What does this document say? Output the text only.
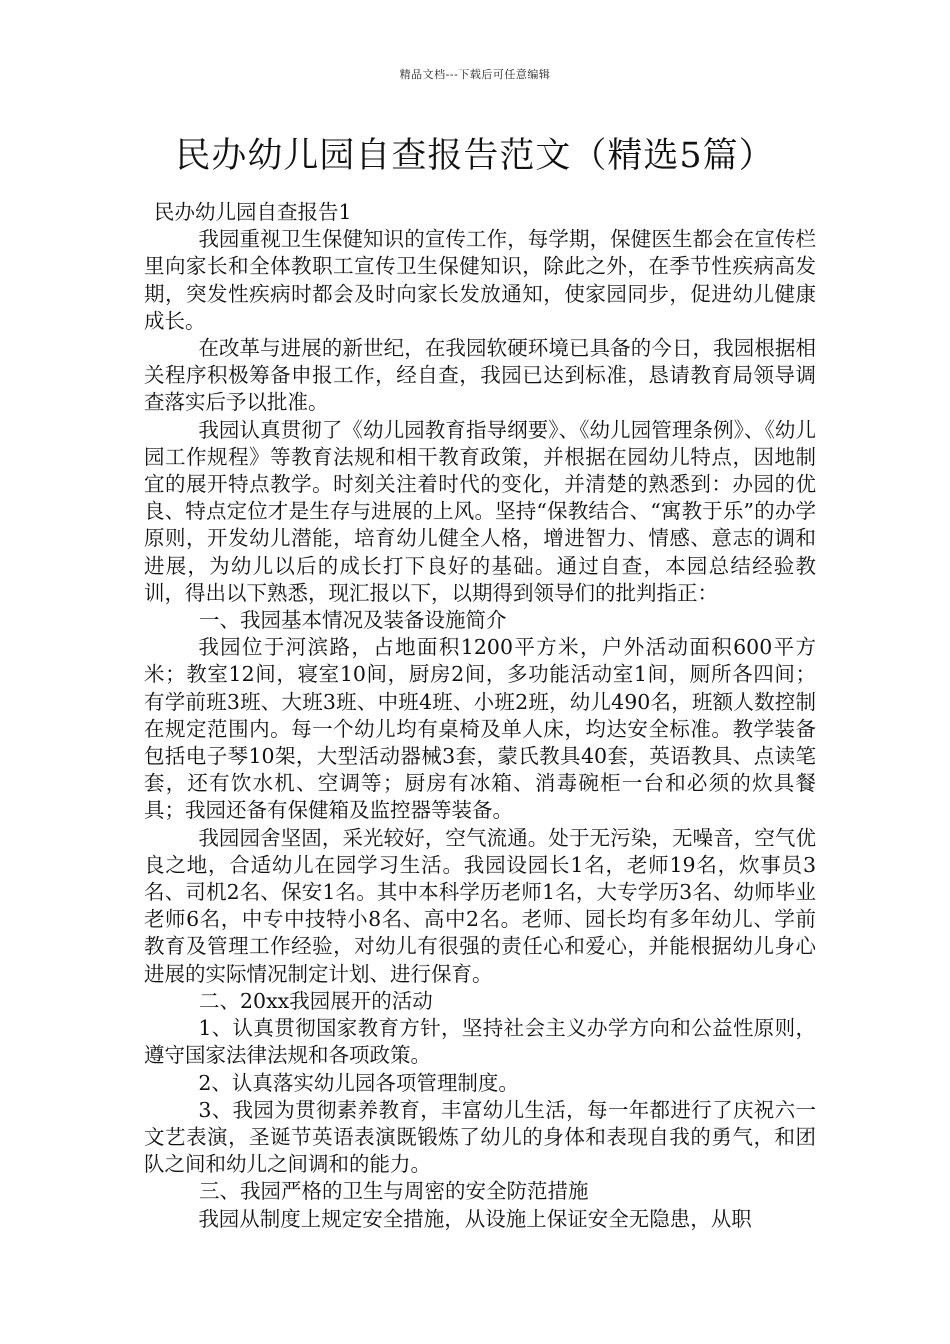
精品文档---下载后可任意编辑
民办幼儿园自查报告范文（精选5篇）

民办幼儿园自查报告1

我园重视卫生保健知识的宣传工作，每学期，保健医生都会在宣传栏里向家长和全体教职工宣传卫生保健知识，除此之外，在季节性疾病高发期，突发性疾病时都会及时向家长发放通知，使家园同步，促进幼儿健康成长。

在改革与进展的新世纪，在我园软硬环境已具备的今日，我园根据相关程序积极筹备申报工作，经自查，我园已达到标准，恳请教育局领导调查落实后予以批准。

我园认真贯彻了《幼儿园教育指导纲要》、《幼儿园管理条例》、《幼儿园工作规程》等教育法规和相干教育政策，并根据在园幼儿特点，因地制宜的展开特点教学。时刻关注着时代的变化，并清楚的熟悉到：办园的优良、特点定位才是生存与进展的上风。坚持“保教结合、“寓教于乐”的办学原则，开发幼儿潜能，培育幼儿健全人格，增进智力、情感、意志的调和进展，为幼儿以后的成长打下良好的基础。通过自查，本园总结经验教训，得出以下熟悉，现汇报以下，以期得到领导们的批判指正：

一、我园基本情况及装备设施简介

我园位于河滨路，占地面积1200平方米，户外活动面积600平方米；教室12间，寝室10间，厨房2间，多功能活动室1间，厕所各四间；有学前班3班、大班3班、中班4班、小班2班，幼儿490名，班额人数控制在规定范围内。每一个幼儿均有桌椅及单人床，均达安全标准。教学装备包括电子琴10架，大型活动器械3套，蒙氏教具40套，英语教具、点读笔套，还有饮水机、空调等；厨房有冰箱、消毒碗柜一台和必须的炊具餐具；我园还备有保健箱及监控器等装备。

我园园舍坚固，采光较好，空气流通。处于无污染，无噪音，空气优良之地，合适幼儿在园学习生活。我园设园长1名，老师19名，炊事员3名、司机2名、保安1名。其中本科学历老师1名，大专学历3名、幼师毕业老师6名，中专中技特小8名、高中2名。老师、园长均有多年幼儿、学前教育及管理工作经验，对幼儿有很强的责任心和爱心，并能根据幼儿身心进展的实际情况制定计划、进行保育。

二、20xx我园展开的活动

1、认真贯彻国家教育方针，坚持社会主义办学方向和公益性原则，遵守国家法律法规和各项政策。

2、认真落实幼儿园各项管理制度。

3、我园为贯彻素养教育，丰富幼儿生活，每一年都进行了庆祝六一文艺表演，圣诞节英语表演既锻炼了幼儿的身体和表现自我的勇气，和团队之间和幼儿之间调和的能力。

三、我园严格的卫生与周密的安全防范措施

我园从制度上规定安全措施，从设施上保证安全无隐患，从职
